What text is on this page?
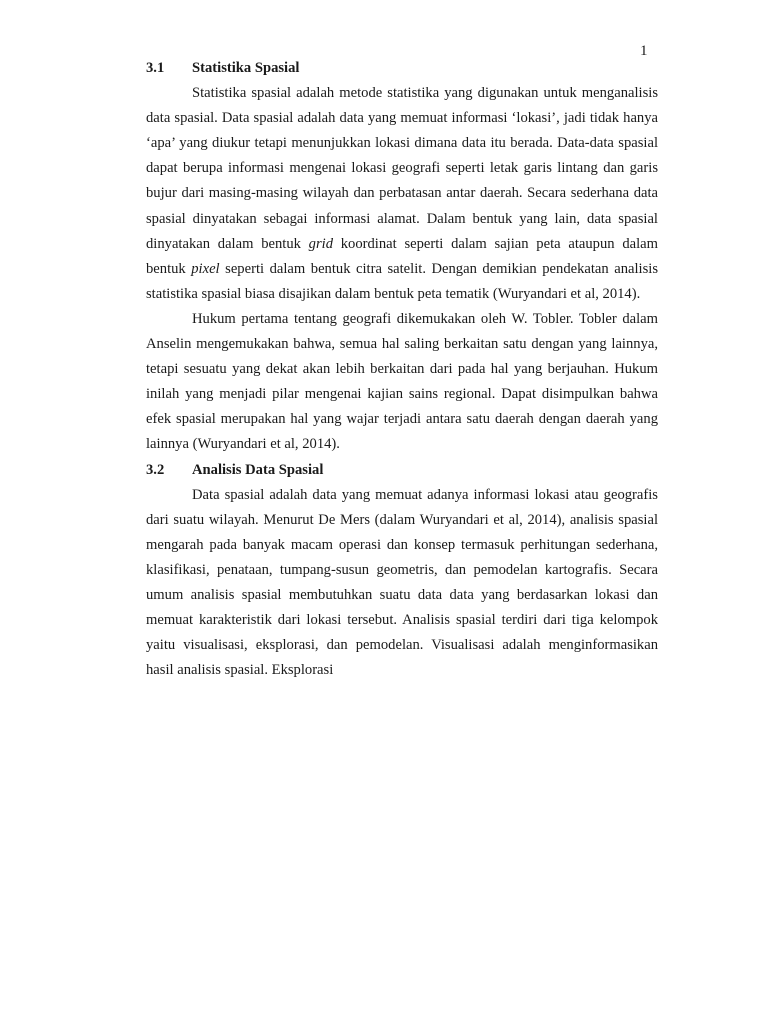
1
3.1	Statistika Spasial

Statistika spasial adalah metode statistika yang digunakan untuk menganalisis data spasial. Data spasial adalah data yang memuat informasi ‘lokasi’, jadi tidak hanya ‘apa’ yang diukur tetapi menunjukkan lokasi dimana data itu berada. Data-data spasial dapat berupa informasi mengenai lokasi geografi seperti letak garis lintang dan garis bujur dari masing-masing wilayah dan perbatasan antar daerah. Secara sederhana data spasial dinyatakan sebagai informasi alamat. Dalam bentuk yang lain, data spasial dinyatakan dalam bentuk grid koordinat seperti dalam sajian peta ataupun dalam bentuk pixel seperti dalam bentuk citra satelit. Dengan demikian pendekatan analisis statistika spasial biasa disajikan dalam bentuk peta tematik (Wuryandari et al, 2014).

Hukum pertama tentang geografi dikemukakan oleh W. Tobler. Tobler dalam Anselin mengemukakan bahwa, semua hal saling berkaitan satu dengan yang lainnya, tetapi sesuatu yang dekat akan lebih berkaitan dari pada hal yang berjauhan. Hukum inilah yang menjadi pilar mengenai kajian sains regional. Dapat disimpulkan bahwa efek spasial merupakan hal yang wajar terjadi antara satu daerah dengan daerah yang lainnya (Wuryandari et al, 2014).

3.2	Analisis Data Spasial

Data spasial adalah data yang memuat adanya informasi lokasi atau geografis dari suatu wilayah. Menurut De Mers (dalam Wuryandari et al, 2014), analisis spasial mengarah pada banyak macam operasi dan konsep termasuk perhitungan sederhana, klasifikasi, penataan, tumpang-susun geometris, dan pemodelan kartografis. Secara umum analisis spasial membutuhkan suatu data data yang berdasarkan lokasi dan memuat karakteristik dari lokasi tersebut. Analisis spasial terdiri dari tiga kelompok yaitu visualisasi, eksplorasi, dan pemodelan. Visualisasi adalah menginformasikan hasil analisis spasial. Eksplorasi
